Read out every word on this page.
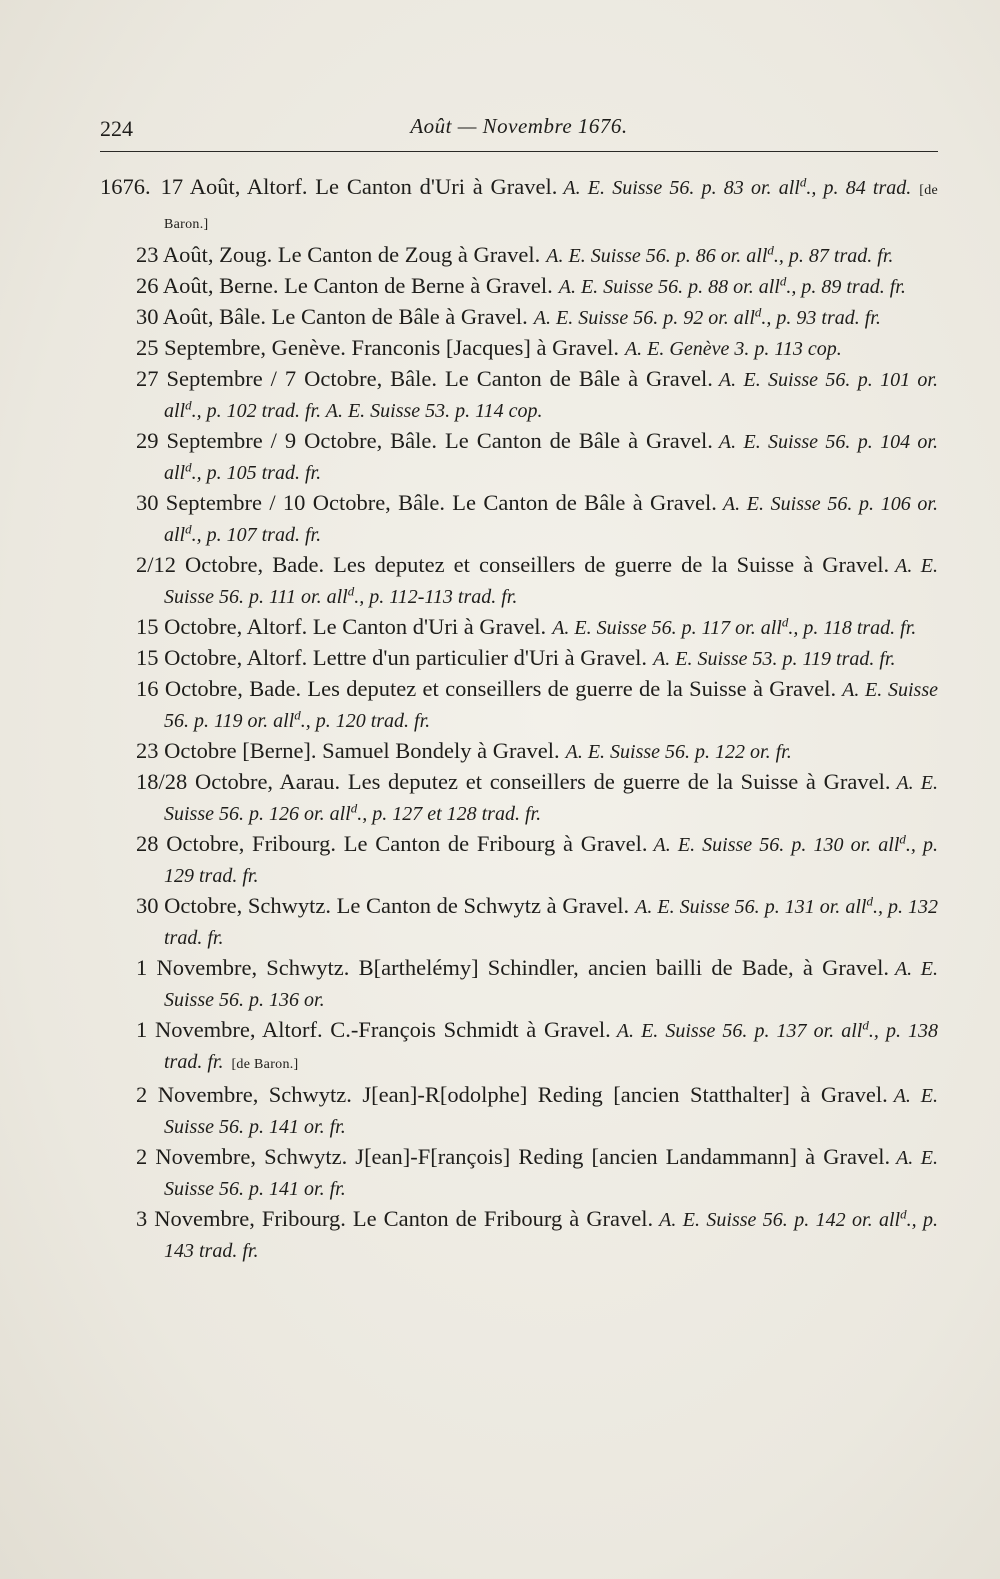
224	Août — Novembre 1676.
1676. 17 Août, Altorf. Le Canton d'Uri à Gravel. A. E. Suisse 56. p. 83 or. all$^d$., p. 84 trad. [de Baron.]
23 Août, Zoug. Le Canton de Zoug à Gravel. A. E. Suisse 56. p. 86 or. all$^d$., p. 87 trad. fr.
26 Août, Berne. Le Canton de Berne à Gravel. A. E. Suisse 56. p. 88 or. all$^d$., p. 89 trad. fr.
30 Août, Bâle. Le Canton de Bâle à Gravel. A. E. Suisse 56. p. 92 or. all$^d$., p. 93 trad. fr.
25 Septembre, Genève. Franconis [Jacques] à Gravel. A. E. Genève 3. p. 113 cop.
27 Septembre / 7 Octobre, Bâle. Le Canton de Bâle à Gravel. A. E. Suisse 56. p. 101 or. all$^d$., p. 102 trad. fr. A. E. Suisse 53. p. 114 cop.
29 Septembre / 9 Octobre, Bâle. Le Canton de Bâle à Gravel. A. E. Suisse 56. p. 104 or. all$^d$., p. 105 trad. fr.
30 Septembre / 10 Octobre, Bâle. Le Canton de Bâle à Gravel. A. E. Suisse 56. p. 106 or. all$^d$., p. 107 trad. fr.
2/12 Octobre, Bade. Les deputez et conseillers de guerre de la Suisse à Gravel. A. E. Suisse 56. p. 111 or. all$^d$., p. 112-113 trad. fr.
15 Octobre, Altorf. Le Canton d'Uri à Gravel. A. E. Suisse 56. p. 117 or. all$^d$., p. 118 trad. fr.
15 Octobre, Altorf. Lettre d'un particulier d'Uri à Gravel. A. E. Suisse 53. p. 119 trad. fr.
16 Octobre, Bade. Les deputez et conseillers de guerre de la Suisse à Gravel. A. E. Suisse 56. p. 119 or. all$^d$., p. 120 trad. fr.
23 Octobre [Berne]. Samuel Bondely à Gravel. A. E. Suisse 56. p. 122 or. fr.
18/28 Octobre, Aarau. Les deputez et conseillers de guerre de la Suisse à Gravel. A. E. Suisse 56. p. 126 or. all$^d$., p. 127 et 128 trad. fr.
28 Octobre, Fribourg. Le Canton de Fribourg à Gravel. A. E. Suisse 56. p. 130 or. all$^d$., p. 129 trad. fr.
30 Octobre, Schwytz. Le Canton de Schwytz à Gravel. A. E. Suisse 56. p. 131 or. all$^d$., p. 132 trad. fr.
1 Novembre, Schwytz. B[arthelémy] Schindler, ancien bailli de Bade, à Gravel. A. E. Suisse 56. p. 136 or.
1 Novembre, Altorf. C.-François Schmidt à Gravel. A. E. Suisse 56. p. 137 or. all$^d$., p. 138 trad. fr. [de Baron.]
2 Novembre, Schwytz. J[ean]-R[odolphe] Reding [ancien Statthalter] à Gravel. A. E. Suisse 56. p. 141 or. fr.
2 Novembre, Schwytz. J[ean]-F[rançois] Reding [ancien Landammann] à Gravel. A. E. Suisse 56. p. 141 or. fr.
3 Novembre, Fribourg. Le Canton de Fribourg à Gravel. A. E. Suisse 56. p. 142 or. all$^d$., p. 143 trad. fr.
